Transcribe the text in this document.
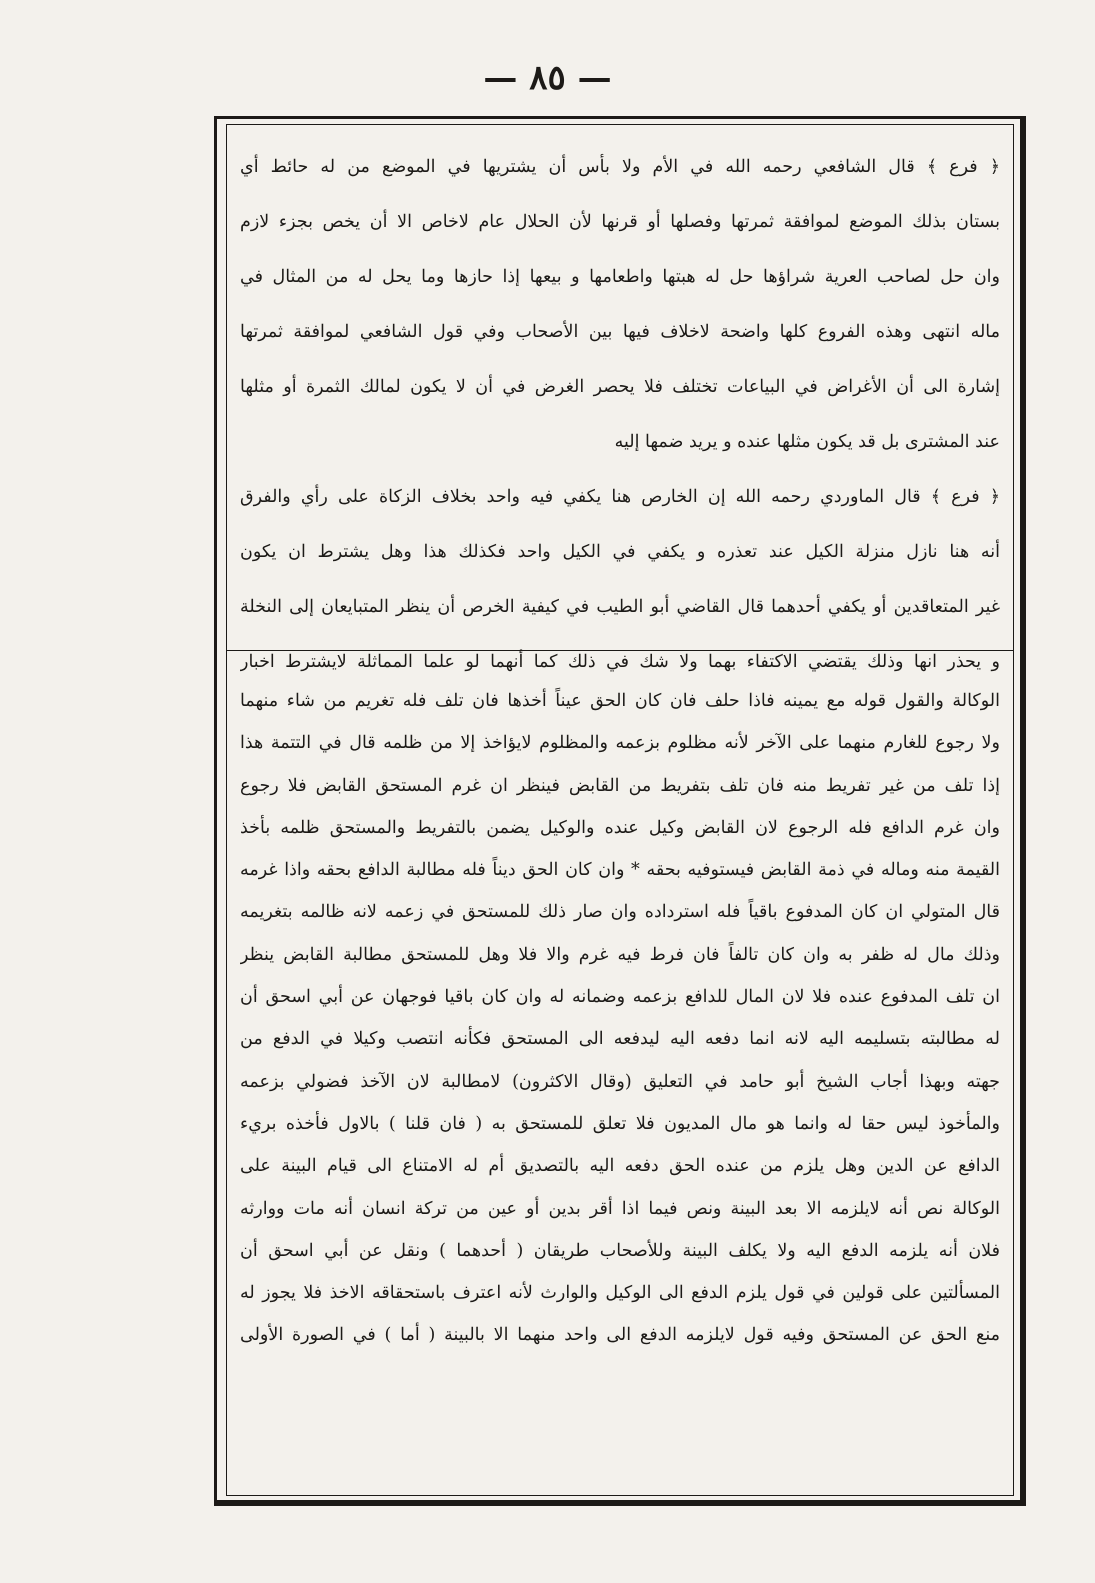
— ٨٥ —
﴿ فرع ﴾ قال الشافعي رحمه الله في الأم ولا بأس أن يشتريها في الموضع من له حائط أي
بستان بذلك الموضع لموافقة ثمرتها وفصلها أو قرنها لأن الحلال عام لاخاص الا أن يخص بجزء لازم
وان حل لصاحب العرية شراؤها حل له هبتها واطعامها و بيعها إذا حازها وما يحل له من المثال في
ماله انتهى وهذه الفروع كلها واضحة لاخلاف فيها بين الأصحاب وفي قول الشافعي لموافقة ثمرتها
إشارة الى أن الأغراض في البياعات تختلف فلا يحصر الغرض في أن لا يكون لمالك الثمرة أو مثلها
عند المشترى بل قد يكون مثلها عنده و يريد ضمها إليه
﴿ فرع ﴾ قال الماوردي رحمه الله إن الخارص هنا يكفي فيه واحد بخلاف الزكاة على رأي والفرق
أنه هنا نازل منزلة الكيل عند تعذره و يكفي في الكيل واحد فكذلك هذا وهل يشترط ان يكون
غير المتعاقدين أو يكفي أحدهما قال القاضي أبو الطيب في كيفية الخرص أن ينظر المتبايعان إلى النخلة
و يحذر انها وذلك يقتضي الاكتفاء بهما ولا شك في ذلك كما أنهما لو علما المماثلة لايشترط اخبار
الوكالة والقول قوله مع يمينه فاذا حلف فان كان الحق عيناً أخذها فان تلف فله تغريم من شاء منهما
ولا رجوع للغارم منهما على الآخر لأنه مظلوم بزعمه والمظلوم لايؤاخذ إلا من ظلمه قال في التتمة هذا
إذا تلف من غير تفريط منه فان تلف بتفريط من القابض فينظر ان غرم المستحق القابض فلا رجوع
وان غرم الدافع فله الرجوع لان القابض وكيل عنده والوكيل يضمن بالتفريط والمستحق ظلمه بأخذ
القيمة منه وماله في ذمة القابض فيستوفيه بحقه * وان كان الحق ديناً فله مطالبة الدافع بحقه واذا غرمه
قال المتولي ان كان المدفوع باقياً فله استرداده وان صار ذلك للمستحق في زعمه لانه ظالمه بتغريمه
وذلك مال له ظفر به وان كان تالفاً فان فرط فيه غرم والا فلا وهل للمستحق مطالبة القابض ينظر
ان تلف المدفوع عنده فلا لان المال للدافع بزعمه وضمانه له وان كان باقيا فوجهان عن أبي اسحق أن
له مطالبته بتسليمه اليه لانه انما دفعه اليه ليدفعه الى المستحق فكأنه انتصب وكيلا في الدفع من
جهته وبهذا أجاب الشيخ أبو حامد في التعليق (وقال الاكثرون) لامطالبة لان الآخذ فضولي بزعمه
والمأخوذ ليس حقا له وانما هو مال المديون فلا تعلق للمستحق به ( فان قلنا ) بالاول فأخذه بريء
الدافع عن الدين وهل يلزم من عنده الحق دفعه اليه بالتصديق أم له الامتناع الى قيام البينة على
الوكالة نص أنه لايلزمه الا بعد البينة ونص فيما اذا أقر بدين أو عين من تركة انسان أنه مات ووارثه
فلان أنه يلزمه الدفع اليه ولا يكلف البينة وللأصحاب طريقان ( أحدهما ) ونقل عن أبي اسحق أن
المسألتين على قولين في قول يلزم الدفع الى الوكيل والوارث لأنه اعترف باستحقاقه الاخذ فلا يجوز له
منع الحق عن المستحق وفيه قول لايلزمه الدفع الى واحد منهما الا بالبينة ( أما ) في الصورة الأولى
